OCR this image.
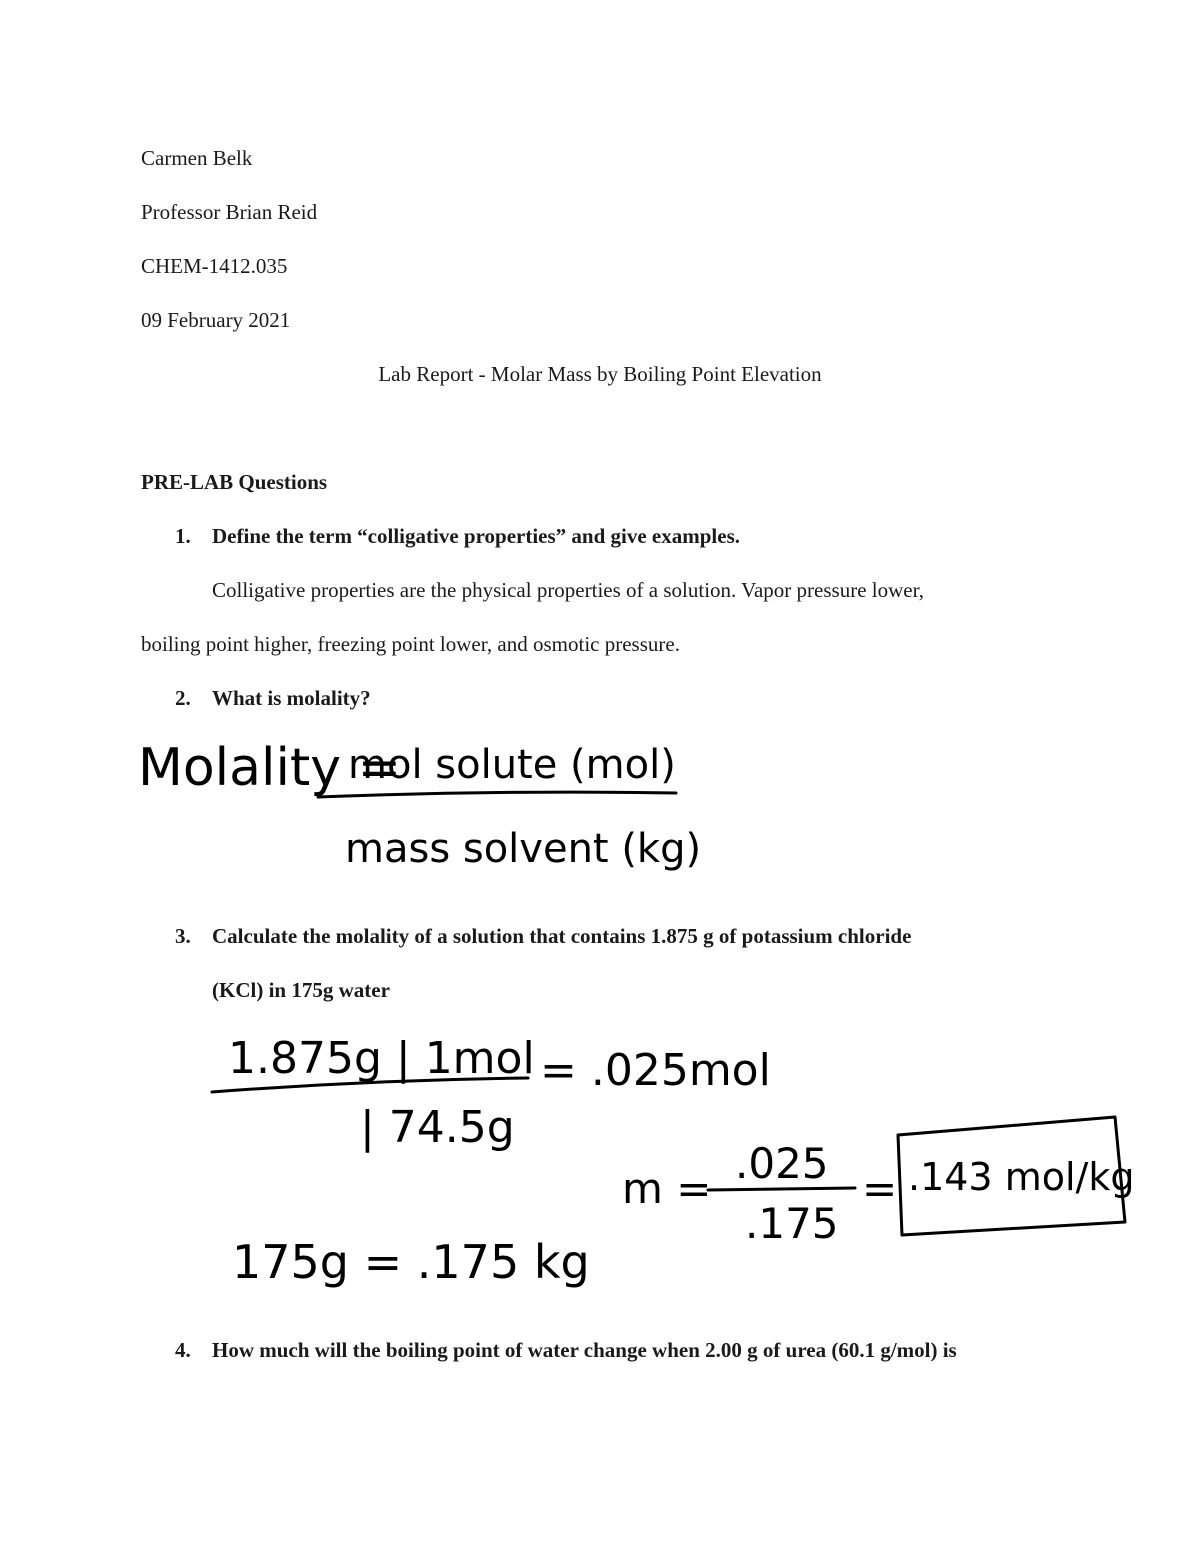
Carmen Belk
Professor Brian Reid
CHEM-1412.035
09 February 2021
Lab Report - Molar Mass by Boiling Point Elevation
PRE-LAB Questions
1. Define the term “colligative properties” and give examples.
Colligative properties are the physical properties of a solution. Vapor pressure lower,
boiling point higher, freezing point lower, and osmotic pressure.
2. What is molality?
3. Calculate the molality of a solution that contains 1.875 g of potassium chloride
(KCl) in 175g water
4. How much will the boiling point of water change when 2.00 g of urea (60.1 g/mol) is
Molality =
mol solute (mol)
mass solvent (kg)
1.875g | 1mol
| 74.5g
= .025mol
175g = .175 kg
m =
.025
.175
= .143 mol/kg
